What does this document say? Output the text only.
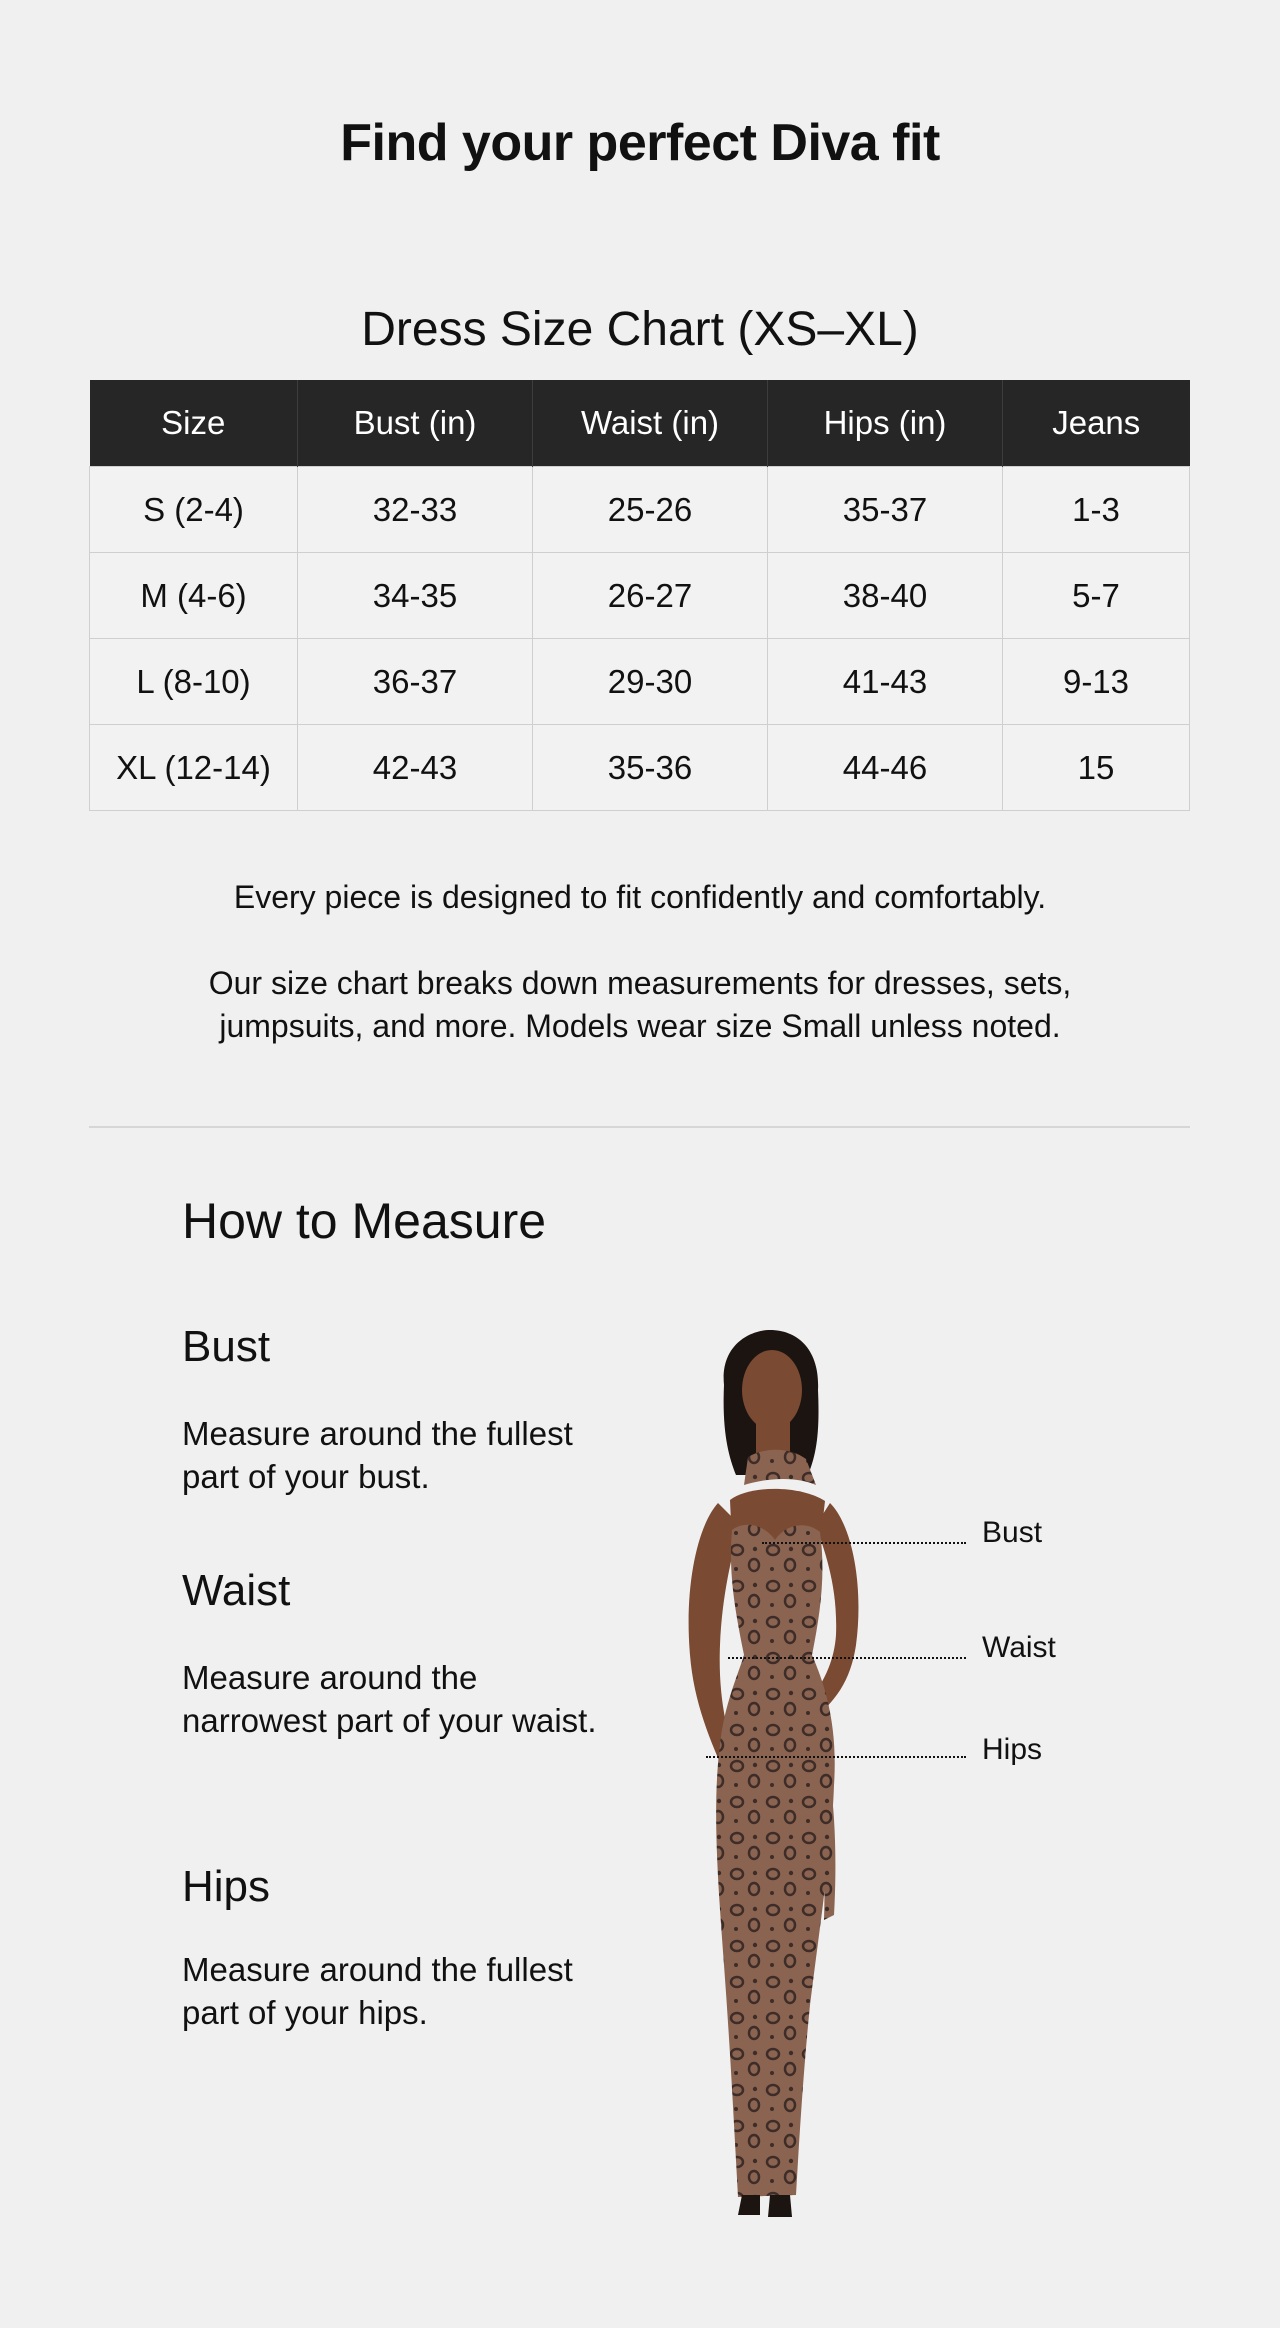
Find your perfect Diva fit
Dress Size Chart (XS–XL)
Size	Bust (in)	Waist (in)	Hips (in)	Jeans
S (2-4)	32-33	25-26	35-37	1-3
M (4-6)	34-35	26-27	38-40	5-7
L (8-10)	36-37	29-30	41-43	9-13
XL (12-14)	42-43	35-36	44-46	15

Every piece is designed to fit confidently and comfortably.

Our size chart breaks down measurements for dresses, sets, jumpsuits, and more. Models wear size Small unless noted.

How to Measure
Bust
Measure around the fullest part of your bust.
Waist
Measure around the narrowest part of your waist.
Hips
Measure around the fullest part of your hips.
Bust
Waist
Hips
